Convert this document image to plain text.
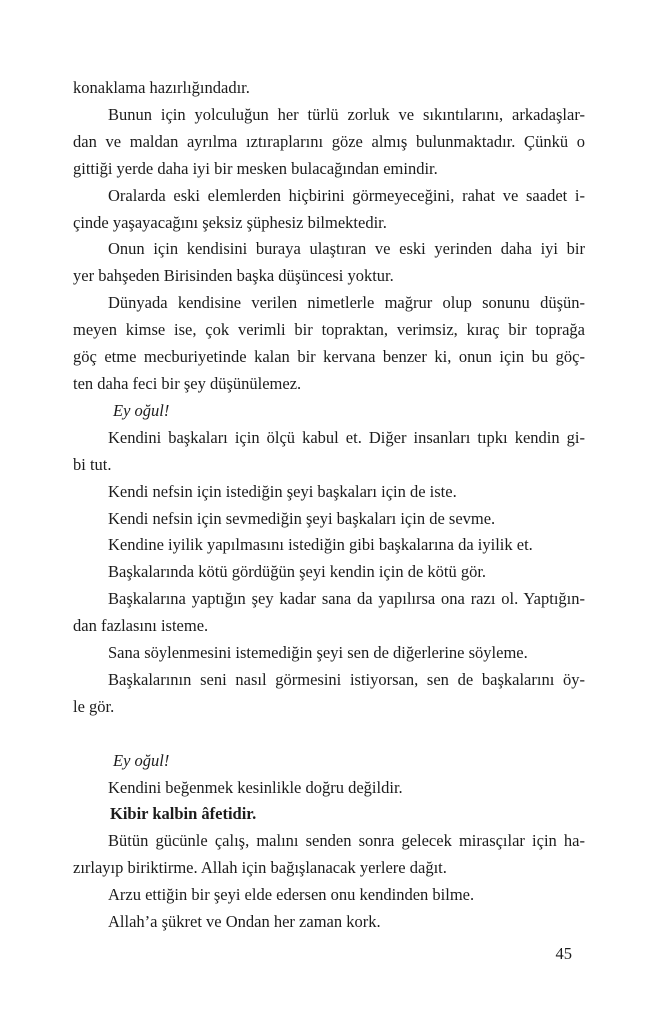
konaklama hazırlığındadır.
Bunun için yolculuğun her türlü zorluk ve sıkıntılarını, arkadaşlar-
dan ve maldan ayrılma ıztıraplarını göze almış bulunmaktadır. Çünkü o
gittiği yerde daha iyi bir mesken bulacağından emindir.
Oralarda eski elemlerden hiçbirini görmeyeceğini, rahat ve saadet i-
çinde yaşayacağını şeksiz şüphesiz bilmektedir.
Onun için kendisini buraya ulaştıran ve eski yerinden daha iyi bir
yer bahşeden Birisinden başka düşüncesi yoktur.
Dünyada kendisine verilen nimetlerle mağrur olup sonunu düşün-
meyen kimse ise, çok verimli bir topraktan, verimsiz, kıraç bir toprağa
göç etme mecburiyetinde kalan bir kervana benzer ki, onun için bu göç-
ten daha feci bir şey düşünülemez.
Ey oğul!
Kendini başkaları için ölçü kabul et. Diğer insanları tıpkı kendin gi-
bi tut.
Kendi nefsin için istediğin şeyi başkaları için de iste.
Kendi nefsin için sevmediğin şeyi başkaları için de sevme.
Kendine iyilik yapılmasını istediğin gibi başkalarına da iyilik et.
Başkalarında kötü gördüğün şeyi kendin için de kötü gör.
Başkalarına yaptığın şey kadar sana da yapılırsa ona razı ol. Yaptığın-
dan fazlasını isteme.
Sana söylenmesini istemediğin şeyi sen de diğerlerine söyleme.
Başkalarının seni nasıl görmesini istiyorsan, sen de başkalarını öy-
le gör.
Ey oğul!
Kendini beğenmek kesinlikle doğru değildir.
Kibir kalbin âfetidir.
Bütün gücünle çalış, malını senden sonra gelecek mirasçılar için ha-
zırlayıp biriktirme. Allah için bağışlanacak yerlere dağıt.
Arzu ettiğin bir şeyi elde edersen onu kendinden bilme.
Allah’a şükret ve Ondan her zaman kork.
45
